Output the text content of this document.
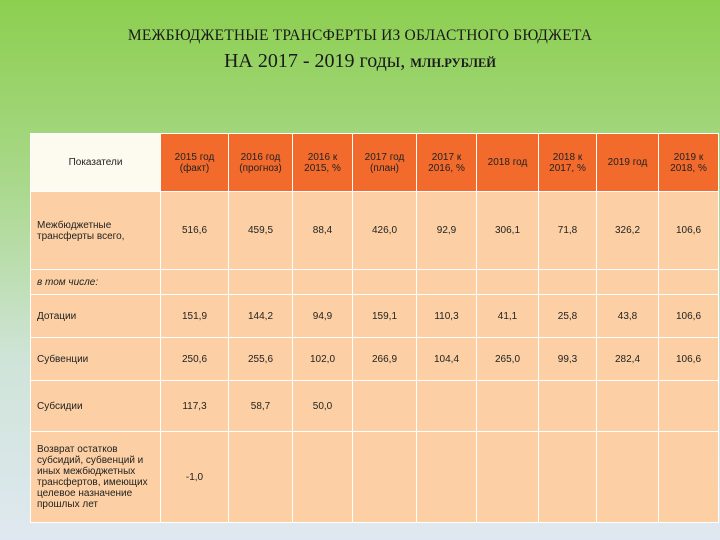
МЕЖБЮДЖЕТНЫЕ ТРАНСФЕРТЫ ИЗ ОБЛАСТНОГО БЮДЖЕТА
НА 2017 - 2019 годы, МЛН.РУБЛЕЙ
Показатели	2015 год (факт)	2016 год (прогноз)	2016 к 2015, %	2017 год (план)	2017 к 2016, %	2018 год	2018 к 2017, %	2019 год	2019 к 2018, %
Межбюджетные трансферты всего,	516,6	459,5	88,4	426,0	92,9	306,1	71,8	326,2	106,6
в том числе:									
Дотации	151,9	144,2	94,9	159,1	110,3	41,1	25,8	43,8	106,6
Субвенции	250,6	255,6	102,0	266,9	104,4	265,0	99,3	282,4	106,6
Субсидии	117,3	58,7	50,0						
Возврат остатков субсидий, субвенций и иных межбюджетных трансфертов, имеющих целевое назначение прошлых лет	-1,0								
